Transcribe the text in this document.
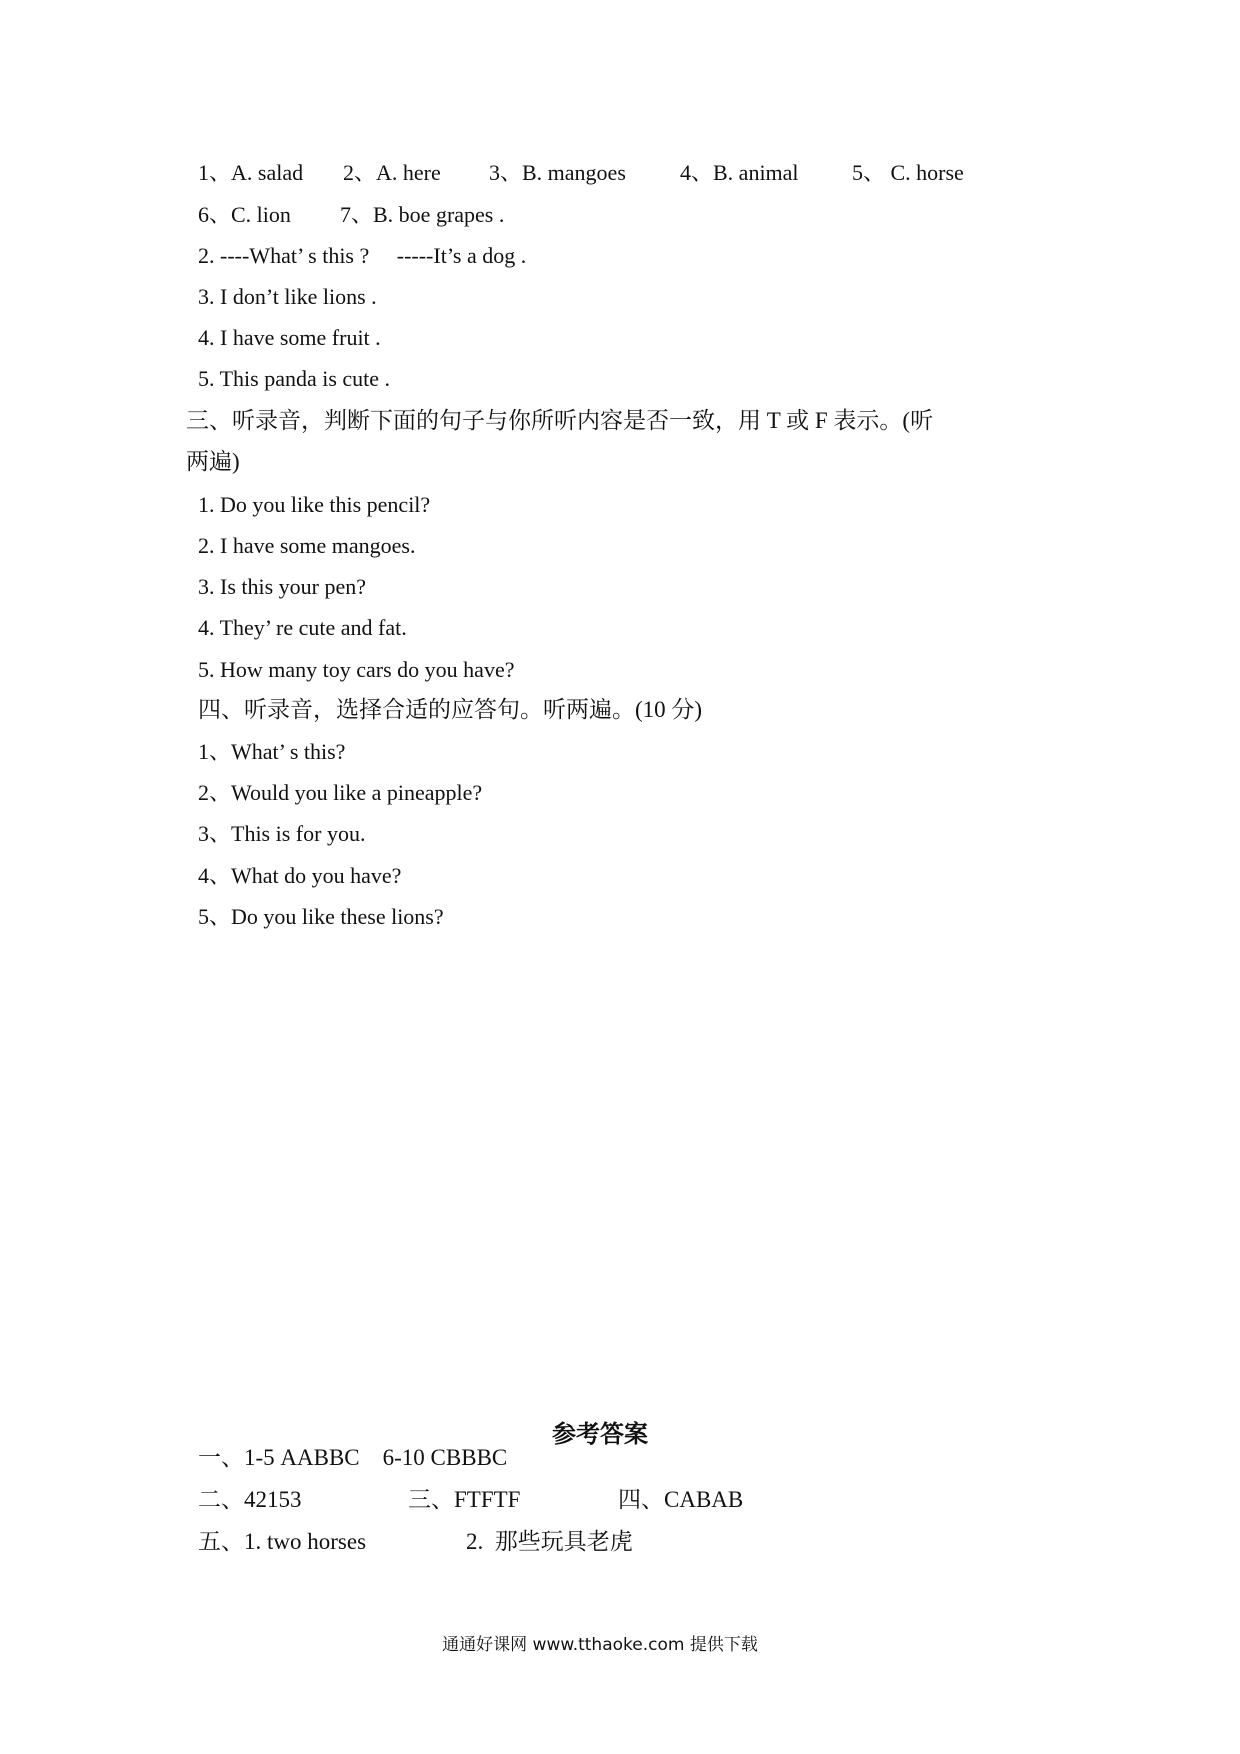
1、A. salad 2、A. here 3、B. mangoes 4、B. animal 5、 C. horse
6、C. lion 7、B. boe grapes .
2. ----What’ s this ?     -----It’s a dog .
3. I don’t like lions .
4. I have some fruit .
5. This panda is cute .
三、听录音，判断下面的句子与你所听内容是否一致，用 T 或 F 表示。(听
两遍)
1. Do you like this pencil?
2. I have some mangoes.
3. Is this your pen?
4. They’ re cute and fat.
5. How many toy cars do you have?
四、听录音，选择合适的应答句。听两遍。(10 分)
1、What’ s this?
2、Would you like a pineapple?
3、This is for you.
4、What do you have?
5、Do you like these lions?
参考答案
一、1-5 AABBC    6-10 CBBBC
二、42153	三、FTFTF	四、CABAB
五、1. two horses	2.  那些玩具老虎
通通好课网 www.tthaoke.com 提供下载
